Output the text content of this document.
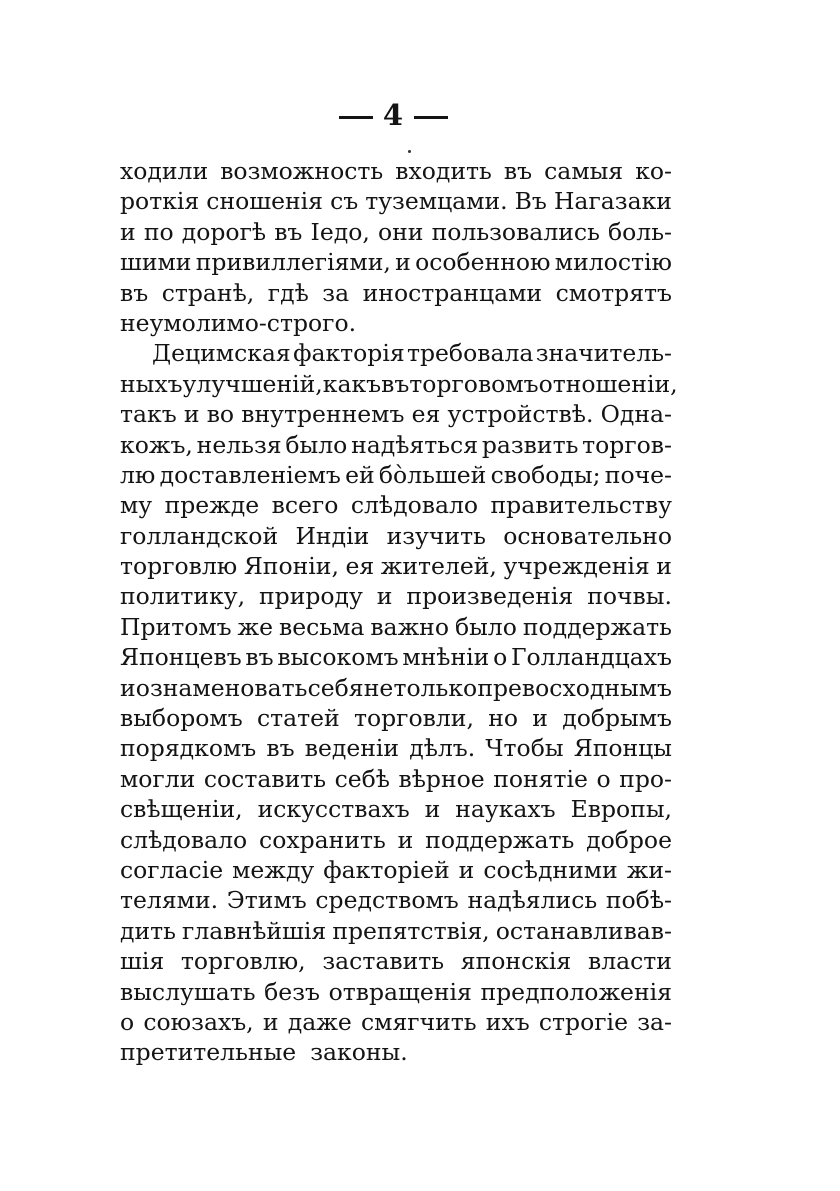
4
ходили возможность входить въ самыя ко-
роткія сношенія съ туземцами. Въ Нагазаки
и по дорогѣ въ Іедо, они пользовались боль-
шими привиллегіями, и особенною милостію
въ странѣ, гдѣ за иностранцами смотрятъ
неумолимо-строго.
Децимская факторія требовала значитель-
ныхъ улучшеній, какъ въ торговомъ отношеніи,
такъ и во внутреннемъ ея устройствѣ. Однa-
кожъ, нельзя было надѣяться развить торгов-
лю доставленіемъ ей бо̀льшей свободы; поче-
му прежде всего слѣдовало правительству
голландской Индіи изучить основательно
торговлю Японіи, ея жителей, учрежденія и
политику, природу и произведенія почвы.
Притомъ же весьма важно было поддержать
Японцевъ въ высокомъ мнѣніи о Голландцахъ
и ознаменовать себя не только превосходнымъ
выборомъ статей торговли, но и добрымъ
порядкомъ въ веденіи дѣлъ. Чтобы Японцы
могли составить себѣ вѣрное понятіе о про-
свѣщеніи, искусствахъ и наукахъ Европы,
слѣдовало сохранить и поддержать доброе
согласіе между факторіей и сосѣдними жи-
телями. Этимъ средствомъ надѣялись побѣ-
дить главнѣйшія препятствія, останавливав-
шія торговлю, заставить японскія власти
выслушать безъ отвращенія предположенія
о союзахъ, и даже смягчить ихъ строгіе за-
претительные законы.
